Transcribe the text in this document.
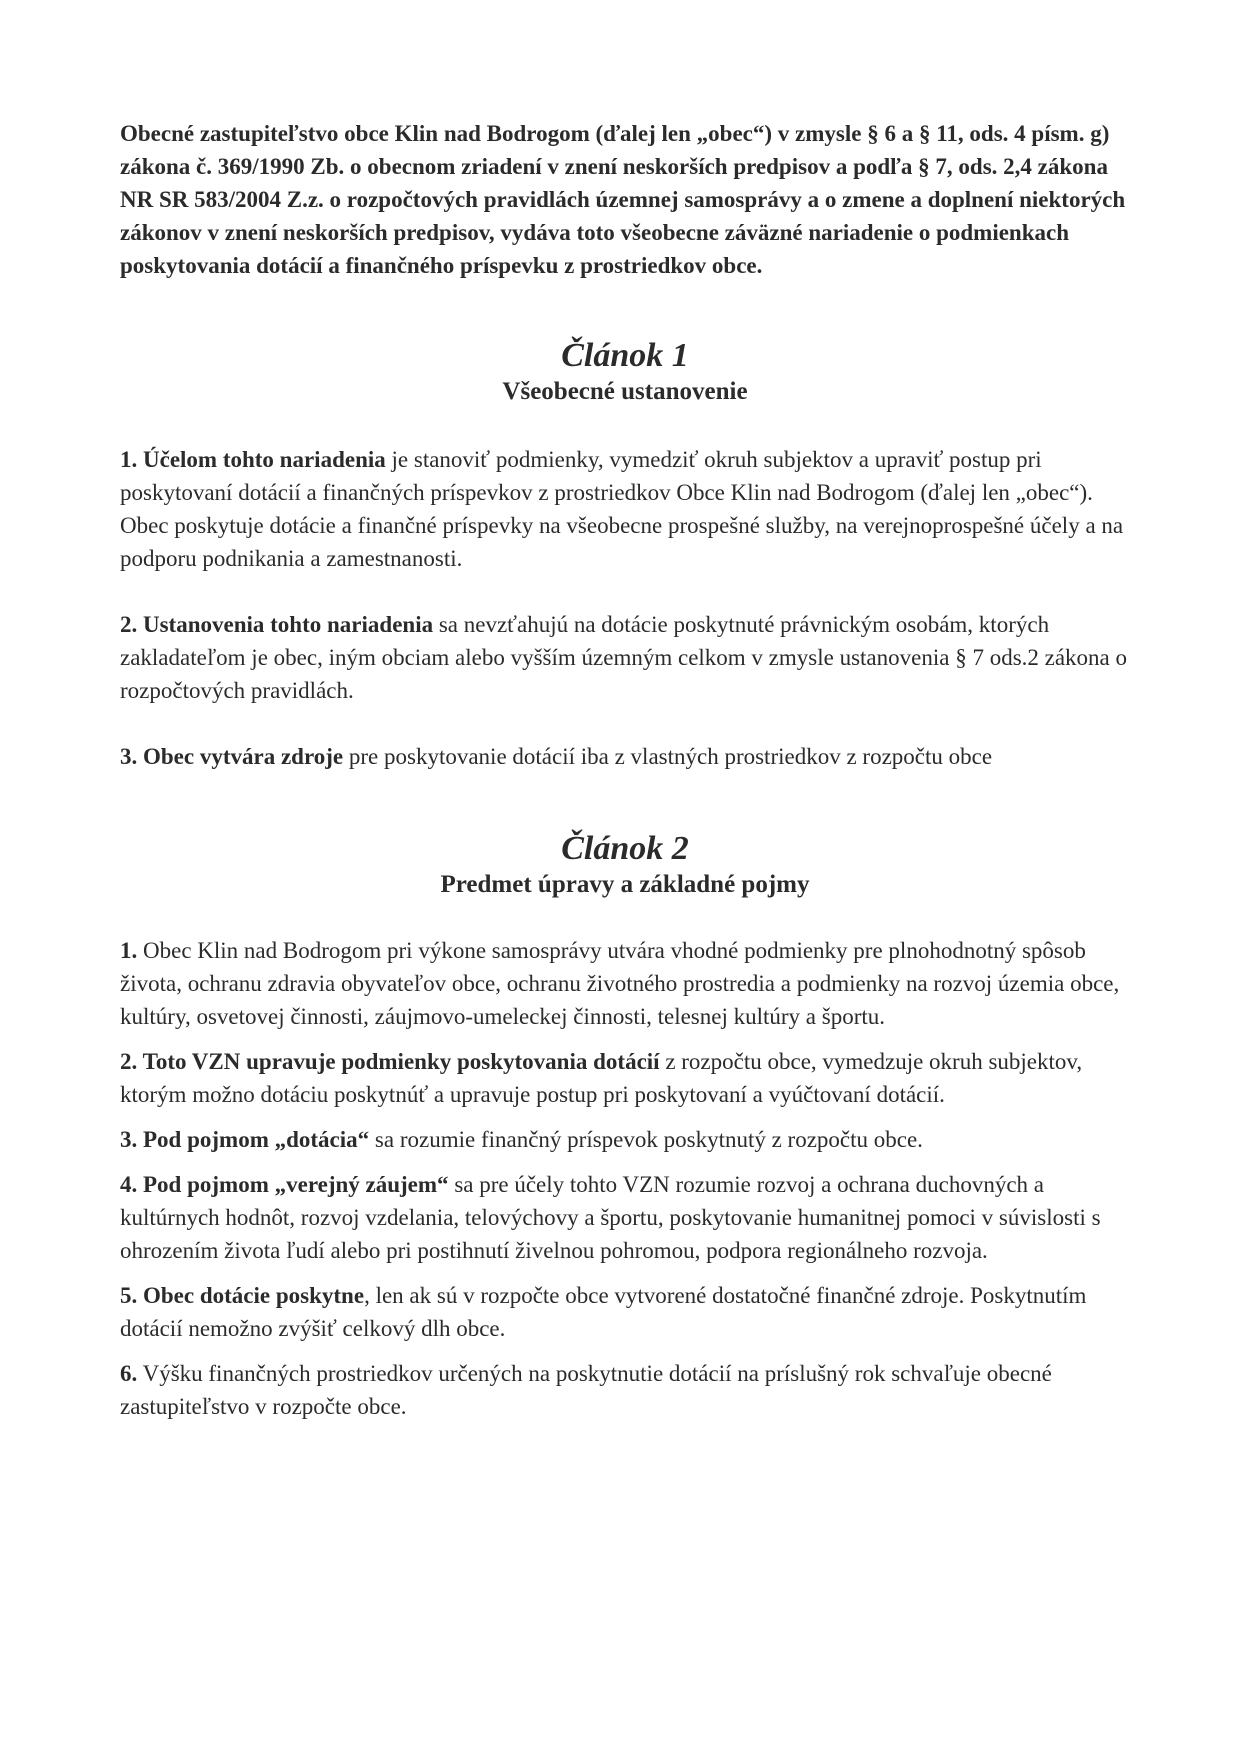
Obecné zastupiteľstvo obce Klin nad Bodrogom (ďalej len „obec“) v zmysle § 6 a § 11, ods. 4 písm. g) zákona č. 369/1990 Zb. o obecnom zriadení v znení neskorších predpisov a podľa § 7, ods. 2,4 zákona NR SR 583/2004 Z.z. o rozpočtových pravidlách územnej samosprávy a o zmene a doplnení niektorých zákonov v znení neskorších predpisov, vydáva toto všeobecne záväzné nariadenie o podmienkach poskytovania dotácií a finančného príspevku z prostriedkov obce.

Článok 1

Všeobecné ustanovenie

1. Účelom tohto nariadenia je stanoviť podmienky, vymedziť okruh subjektov a upraviť postup pri poskytovaní dotácií a finančných príspevkov z prostriedkov Obce Klin nad Bodrogom (ďalej len „obec“). Obec poskytuje dotácie a finančné príspevky na všeobecne prospešné služby, na verejnoprospešné účely a na podporu podnikania a zamestnanosti.

2. Ustanovenia tohto nariadenia sa nevzťahujú na dotácie poskytnuté právnickým osobám, ktorých zakladateľom je obec, iným obciam alebo vyšším územným celkom v zmysle ustanovenia § 7 ods.2 zákona o rozpočtových pravidlách.

3. Obec vytvára zdroje pre poskytovanie dotácií iba z vlastných prostriedkov z rozpočtu obce

Článok 2

Predmet úpravy a základné pojmy

1. Obec Klin nad Bodrogom pri výkone samosprávy utvára vhodné podmienky pre plnohodnotný spôsob života, ochranu zdravia obyvateľov obce, ochranu životného prostredia a podmienky na rozvoj územia obce, kultúry, osvetovej činnosti, záujmovo-umeleckej činnosti, telesnej kultúry a športu.

2. Toto VZN upravuje podmienky poskytovania dotácií z rozpočtu obce, vymedzuje okruh subjektov, ktorým možno dotáciu poskytnúť a upravuje postup pri poskytovaní a vyúčtovaní dotácií.

3. Pod pojmom „dotácia“ sa rozumie finančný príspevok poskytnutý z rozpočtu obce.

4. Pod pojmom „verejný záujem“ sa pre účely tohto VZN rozumie rozvoj a ochrana duchovných a kultúrnych hodnôt, rozvoj vzdelania, telovýchovy a športu, poskytovanie humanitnej pomoci v súvislosti s ohrozením života ľudí alebo pri postihnutí živelnou pohromou, podpora regionálneho rozvoja.

5. Obec dotácie poskytne, len ak sú v rozpočte obce vytvorené dostatočné finančné zdroje. Poskytnutím dotácií nemožno zvýšiť celkový dlh obce.

6. Výšku finančných prostriedkov určených na poskytnutie dotácií na príslušný rok schvaľuje obecné zastupiteľstvo v rozpočte obce.
